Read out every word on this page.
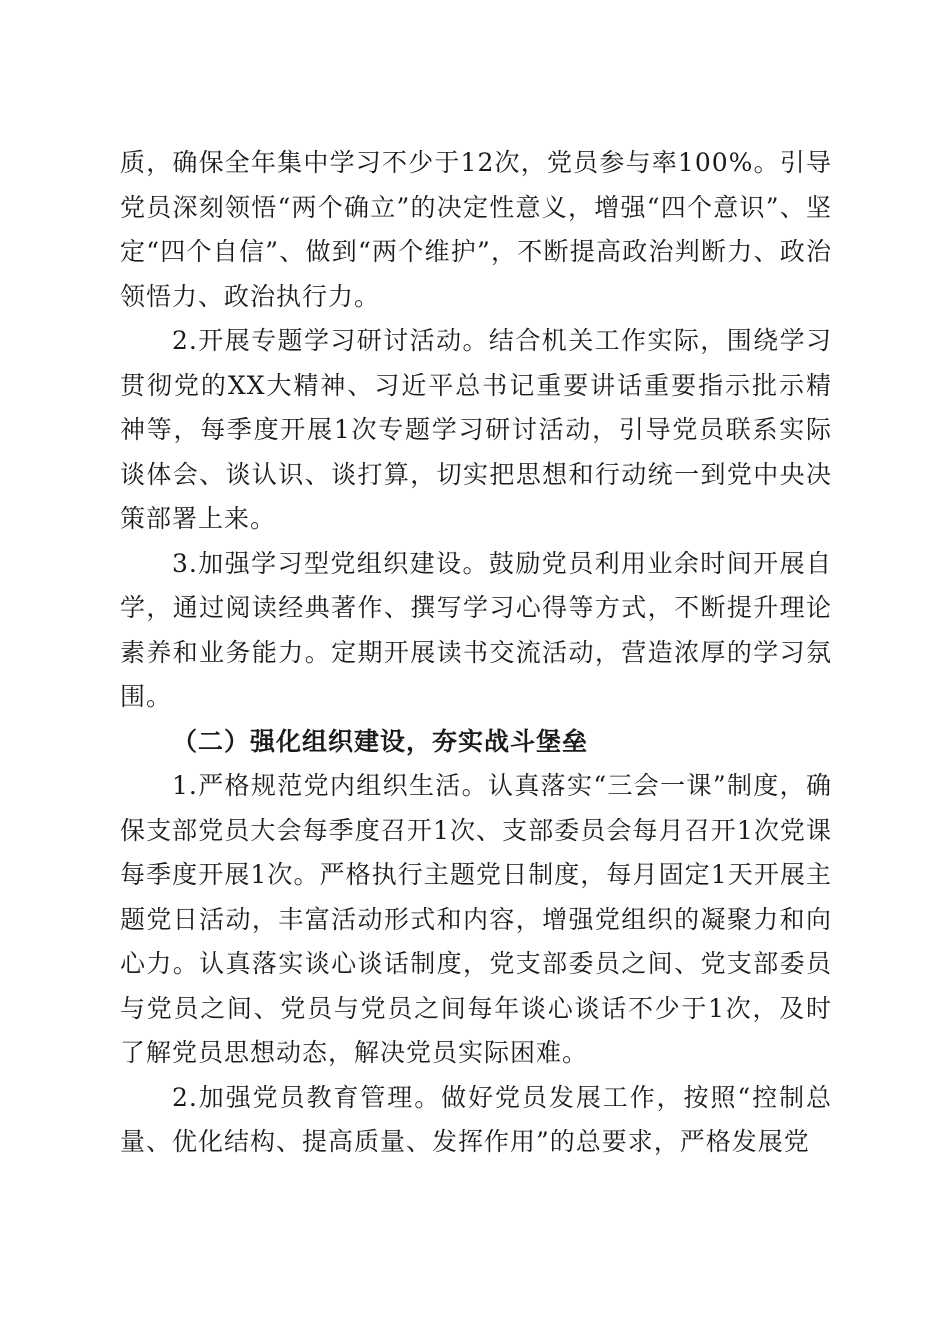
质，确保全年集中学习不少于12次，党员参与率100%。引导党员深刻领悟“两个确立”的决定性意义，增强“四个意识”、坚定“四个自信”、做到“两个维护”，不断提高政治判断力、政治领悟力、政治执行力。

2.开展专题学习研讨活动。结合机关工作实际，围绕学习贯彻党的XX大精神、习近平总书记重要讲话重要指示批示精神等，每季度开展1次专题学习研讨活动，引导党员联系实际谈体会、谈认识、谈打算，切实把思想和行动统一到党中央决策部署上来。

3.加强学习型党组织建设。鼓励党员利用业余时间开展自学，通过阅读经典著作、撰写学习心得等方式，不断提升理论素养和业务能力。定期开展读书交流活动，营造浓厚的学习氛围。

（二）强化组织建设，夯实战斗堡垒

1.严格规范党内组织生活。认真落实“三会一课”制度，确保支部党员大会每季度召开1次、支部委员会每月召开1次党课每季度开展1次。严格执行主题党日制度，每月固定1天开展主题党日活动，丰富活动形式和内容，增强党组织的凝聚力和向心力。认真落实谈心谈话制度，党支部委员之间、党支部委员与党员之间、党员与党员之间每年谈心谈话不少于1次，及时了解党员思想动态，解决党员实际困难。

2.加强党员教育管理。做好党员发展工作，按照“控制总量、优化结构、提高质量、发挥作用”的总要求，严格发展党
